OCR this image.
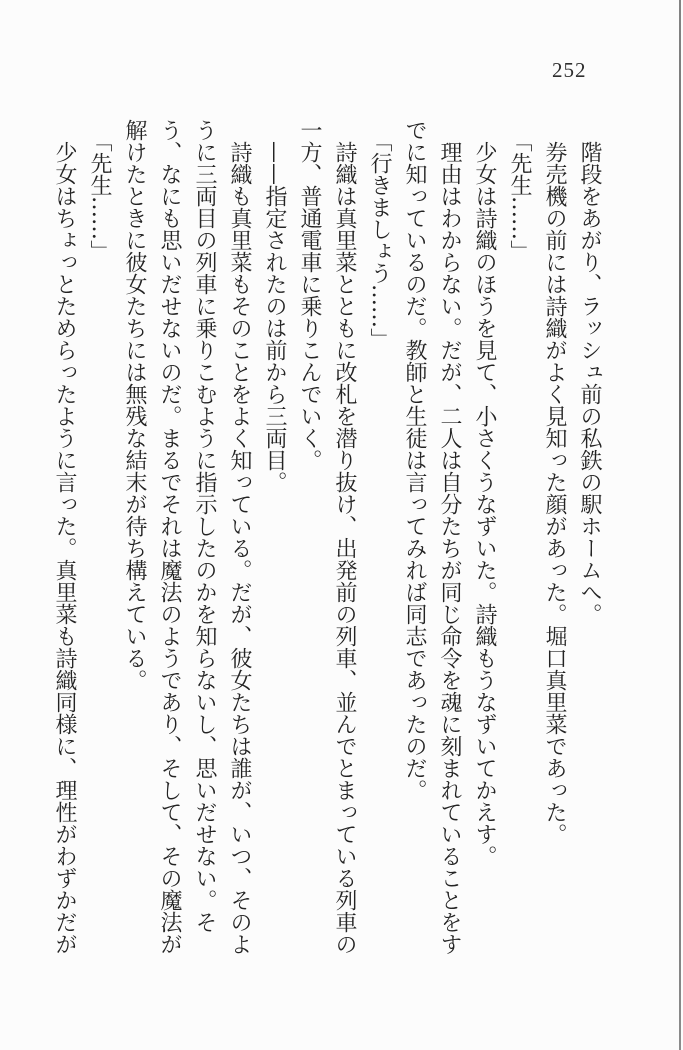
252

階段をあがり、ラッシュ前の私鉄の駅ホームへ。

券売機の前には詩織がよく見知った顔があった。堀口真里菜であった。

「先生……」

少女は詩織のほうを見て、小さくうなずいた。詩織もうなずいてかえす。

理由はわからない。だが、二人は自分たちが同じ命令を魂に刻まれていることをすでに知っているのだ。教師と生徒は言ってみれば同志であったのだ。

「行きましょう……」

詩織は真里菜とともに改札を潜り抜け、出発前の列車、並んでとまっている列車の一方、普通電車に乗りこんでいく。

——指定されたのは前から三両目。

詩織も真里菜もそのことをよく知っている。だが、彼女たちは誰が、いつ、そのように三両目の列車に乗りこむように指示したのかを知らないし、思いだせない。そう、なにも思いだせないのだ。まるでそれは魔法のようであり、そして、その魔法が解けたときに彼女たちには無残な結末が待ち構えている。

「先生……」

少女はちょっとためらったように言った。真里菜も詩織同様に、理性がわずかだが
